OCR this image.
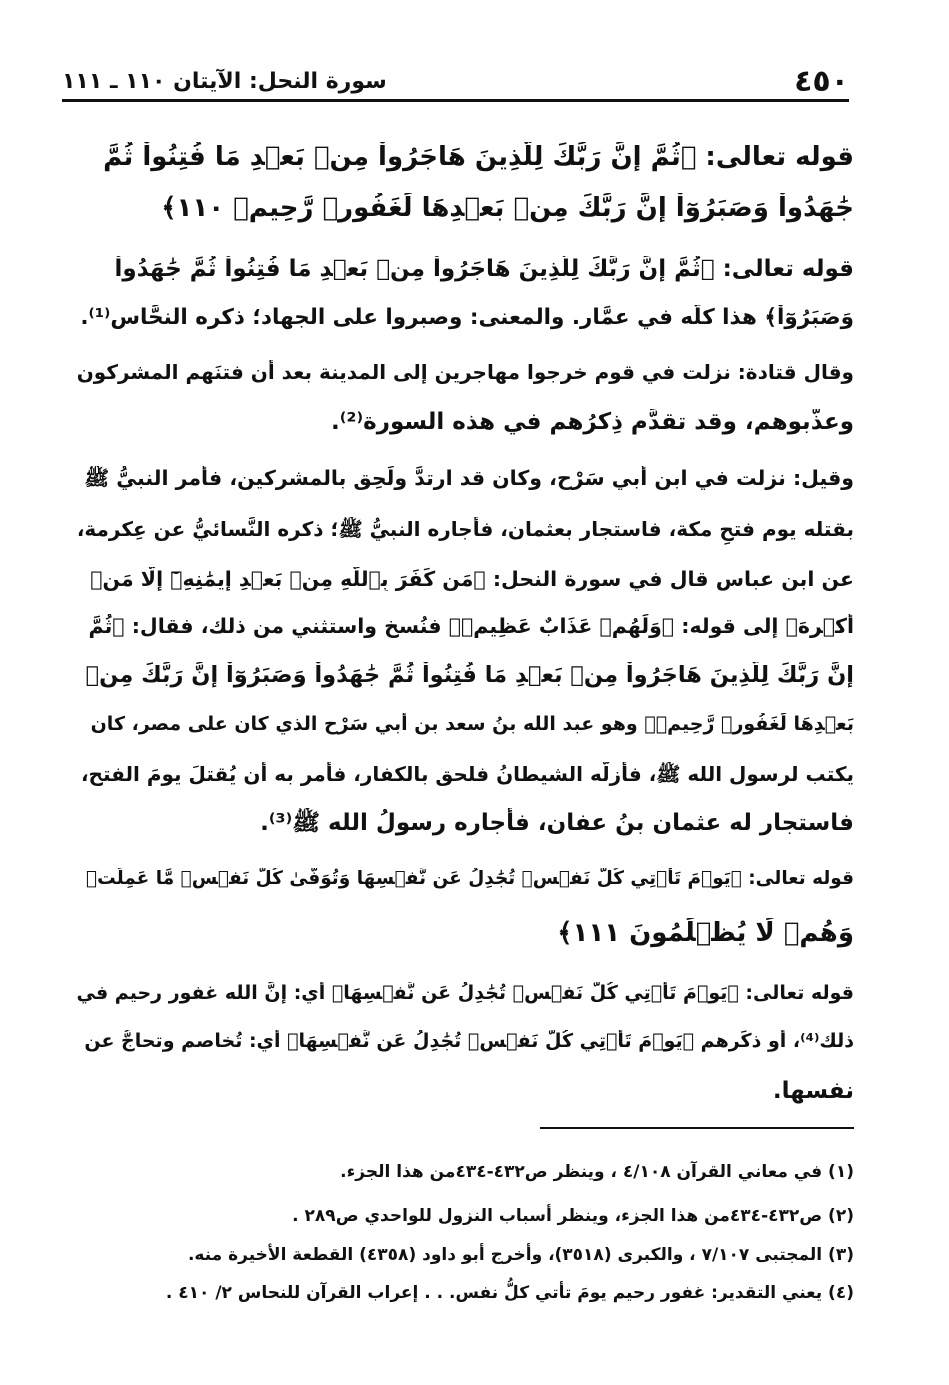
٤٥٠
سورة النحل: الآيتان ١١٠ ـ ١١١
قوله تعالى: ﴿ثُمَّ إِنَّ رَبَّكَ لِلَّذِينَ هَاجَرُواْ مِنۢ بَعۡدِ مَا فُتِنُواْ ثُمَّ
جَٰهَدُواْ وَصَبَرُوٓاْ إِنَّ رَبَّكَ مِنۢ بَعۡدِهَا لَغَفُورٞ رَّحِيمٞ ١١٠﴾
قوله تعالى: ﴿ثُمَّ إِنَّ رَبَّكَ لِلَّذِينَ هَاجَرُواْ مِنۢ بَعۡدِ مَا فُتِنُواْ ثُمَّ جَٰهَدُواْ
وَصَبَرُوٓاْ﴾ هذا كلُّه في عمَّار. والمعنى: وصبروا على الجهاد؛ ذكره النحَّاس⁽¹⁾.
وقال قتادة: نزلت في قومٍ خرجوا مهاجرين إلى المدينة بعد أن فتنَهم المشركون
وعذَّبوهم، وقد تقدَّم ذِكرُهم في هذه السورة⁽²⁾.
وقيل: نزلت في ابن أبي سَرْح، وكان قد ارتدَّ ولَحِق بالمشركين، فأمر النبيُّ ﷺ
بقتله يوم فتحِ مكة، فاستجار بعثمان، فأجاره النبيُّ ﷺ؛ ذكره النَّسائيُّ عن عِكرمة،
عن ابن عباس قال في سورة النحل: ﴿مَن كَفَرَ بِٱللَّهِ مِنۢ بَعۡدِ إِيمَٰنِهِۦٓ إِلَّا مَنۡ
أُكۡرِهَ﴾ إلى قوله: ﴿وَلَهُمۡ عَذَابٌ عَظِيمٞ﴾ فنُسخ واستثني من ذلك، فقال: ﴿ثُمَّ
إِنَّ رَبَّكَ لِلَّذِينَ هَاجَرُواْ مِنۢ بَعۡدِ مَا فُتِنُواْ ثُمَّ جَٰهَدُواْ وَصَبَرُوٓاْ إِنَّ رَبَّكَ مِنۢ
بَعۡدِهَا لَغَفُورٞ رَّحِيمٞ﴾ وهو عبد الله بنُ سعد بنِ أبي سَرْح الذي كان على مصر، كان
يكتب لرسول الله ﷺ، فأزلَّه الشيطانُ فلحق بالكفار، فأمر به أن يُقتلَ يومَ الفتح،
فاستجار له عثمان بنُ عفان، فأجاره رسولُ الله ﷺ⁽³⁾.
قوله تعالى: ﴿يَوۡمَ تَأۡتِي كُلُّ نَفۡسٖ تُجَٰدِلُ عَن نَّفۡسِهَا وَتُوَفَّىٰ كُلُّ نَفۡسٖ مَّا عَمِلَتۡ
وَهُمۡ لَا يُظۡلَمُونَ ١١١﴾
قوله تعالى: ﴿يَوۡمَ تَأۡتِي كُلُّ نَفۡسٖ تُجَٰدِلُ عَن نَّفۡسِهَا﴾ أي: إنَّ الله غفور رحيم في
ذلك⁽⁴⁾، أو ذكِّرهم ﴿يَوۡمَ تَأۡتِي كُلُّ نَفۡسٖ تُجَٰدِلُ عَن نَّفۡسِهَا﴾ أي: تُخاصم وتحاجُّ عن
نفسها.
(١) في معاني القرآن ٤/١٠٨ ، وينظر ص٤٣٢-٤٣٤من هذا الجزء.
(٢) ص٤٣٢-٤٣٤من هذا الجزء، وينظر أسباب النزول للواحدي ص٢٨٩ .
(٣) المجتبى ٧/١٠٧ ، والكبرى (٣٥١٨)، وأخرج أبو داود (٤٣٥٨) القطعة الأخيرة منه.
(٤) يعني التقدير: غفور رحيم يومَ تأتي كلُّ نفس. . . إعراب القرآن للنحاس ٢/ ٤١٠ .
